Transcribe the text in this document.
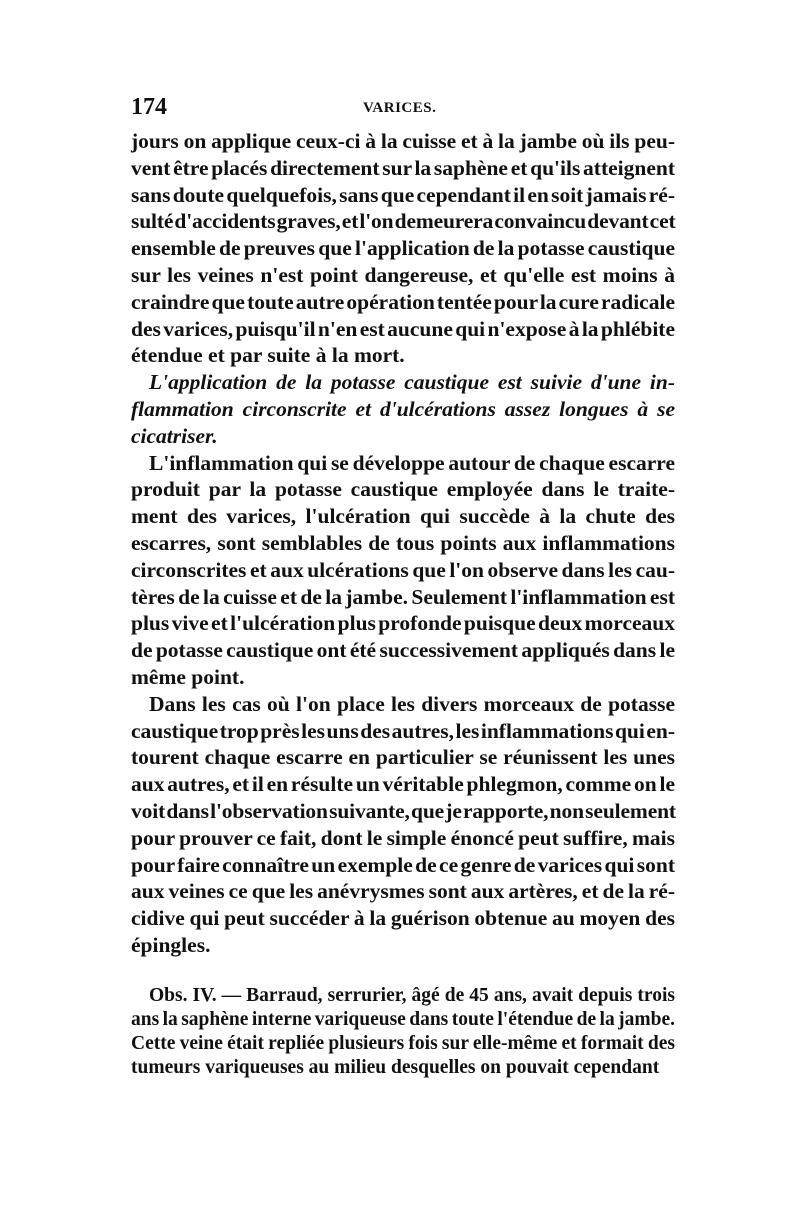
174	VARICES.

jours on applique ceux-ci à la cuisse et à la jambe où ils peu-
vent être placés directement sur la saphène et qu'ils atteignent
sans doute quelquefois, sans que cependant il en soit jamais ré-
sulté d'accidents graves, et l'on demeurera convaincu devant cet
ensemble de preuves que l'application de la potasse caustique
sur les veines n'est point dangereuse, et qu'elle est moins à
craindre que toute autre opération tentée pour la cure radicale
des varices, puisqu'il n'en est aucune qui n'expose à la phlébite
étendue et par suite à la mort.

L'application de la potasse caustique est suivie d'une in-
flammation circonscrite et d'ulcérations assez longues à se
cicatriser.

L'inflammation qui se développe autour de chaque escarre
produit par la potasse caustique employée dans le traite-
ment des varices, l'ulcération qui succède à la chute des
escarres, sont semblables de tous points aux inflammations
circonscrites et aux ulcérations que l'on observe dans les cau-
tères de la cuisse et de la jambe. Seulement l'inflammation est
plus vive et l'ulcération plus profonde puisque deux morceaux
de potasse caustique ont été successivement appliqués dans le
même point.

Dans les cas où l'on place les divers morceaux de potasse
caustique trop près les uns des autres, les inflammations qui en-
tourent chaque escarre en particulier se réunissent les unes
aux autres, et il en résulte un véritable phlegmon, comme on le
voit dans l'observation suivante, que je rapporte, non seulement
pour prouver ce fait, dont le simple énoncé peut suffire, mais
pour faire connaître un exemple de ce genre de varices qui sont
aux veines ce que les anévrysmes sont aux artères, et de la ré-
cidive qui peut succéder à la guérison obtenue au moyen des
épingles.

Obs. IV. — Barraud, serrurier, âgé de 45 ans, avait depuis trois
ans la saphène interne variqueuse dans toute l'étendue de la jambe.
Cette veine était repliée plusieurs fois sur elle-même et formait des
tumeurs variqueuses au milieu desquelles on pouvait cependant
